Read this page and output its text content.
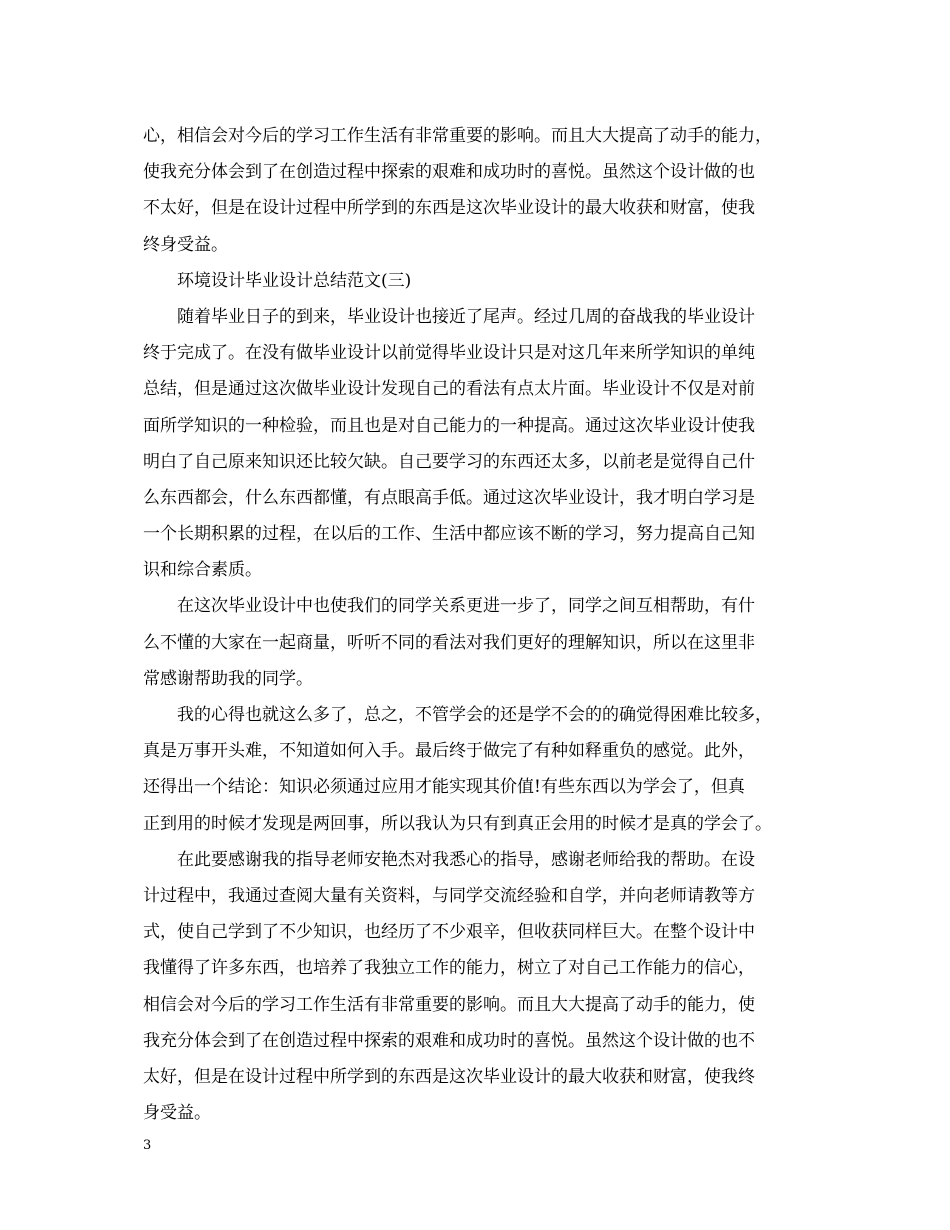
心，相信会对今后的学习工作生活有非常重要的影响。而且大大提高了动手的能力，
使我充分体会到了在创造过程中探索的艰难和成功时的喜悦。虽然这个设计做的也
不太好，但是在设计过程中所学到的东西是这次毕业设计的最大收获和财富，使我
终身受益。
环境设计毕业设计总结范文(三)
随着毕业日子的到来，毕业设计也接近了尾声。经过几周的奋战我的毕业设计
终于完成了。在没有做毕业设计以前觉得毕业设计只是对这几年来所学知识的单纯
总结，但是通过这次做毕业设计发现自己的看法有点太片面。毕业设计不仅是对前
面所学知识的一种检验，而且也是对自己能力的一种提高。通过这次毕业设计使我
明白了自己原来知识还比较欠缺。自己要学习的东西还太多，以前老是觉得自己什
么东西都会，什么东西都懂，有点眼高手低。通过这次毕业设计，我才明白学习是
一个长期积累的过程，在以后的工作、生活中都应该不断的学习，努力提高自己知
识和综合素质。
在这次毕业设计中也使我们的同学关系更进一步了，同学之间互相帮助，有什
么不懂的大家在一起商量，听听不同的看法对我们更好的理解知识，所以在这里非
常感谢帮助我的同学。
我的心得也就这么多了，总之，不管学会的还是学不会的的确觉得困难比较多，
真是万事开头难，不知道如何入手。最后终于做完了有种如释重负的感觉。此外，
还得出一个结论：知识必须通过应用才能实现其价值!有些东西以为学会了，但真
正到用的时候才发现是两回事，所以我认为只有到真正会用的时候才是真的学会了。
在此要感谢我的指导老师安艳杰对我悉心的指导，感谢老师给我的帮助。在设
计过程中，我通过查阅大量有关资料，与同学交流经验和自学，并向老师请教等方
式，使自己学到了不少知识，也经历了不少艰辛，但收获同样巨大。在整个设计中
我懂得了许多东西，也培养了我独立工作的能力，树立了对自己工作能力的信心，
相信会对今后的学习工作生活有非常重要的影响。而且大大提高了动手的能力，使
我充分体会到了在创造过程中探索的艰难和成功时的喜悦。虽然这个设计做的也不
太好，但是在设计过程中所学到的东西是这次毕业设计的最大收获和财富，使我终
身受益。
3
